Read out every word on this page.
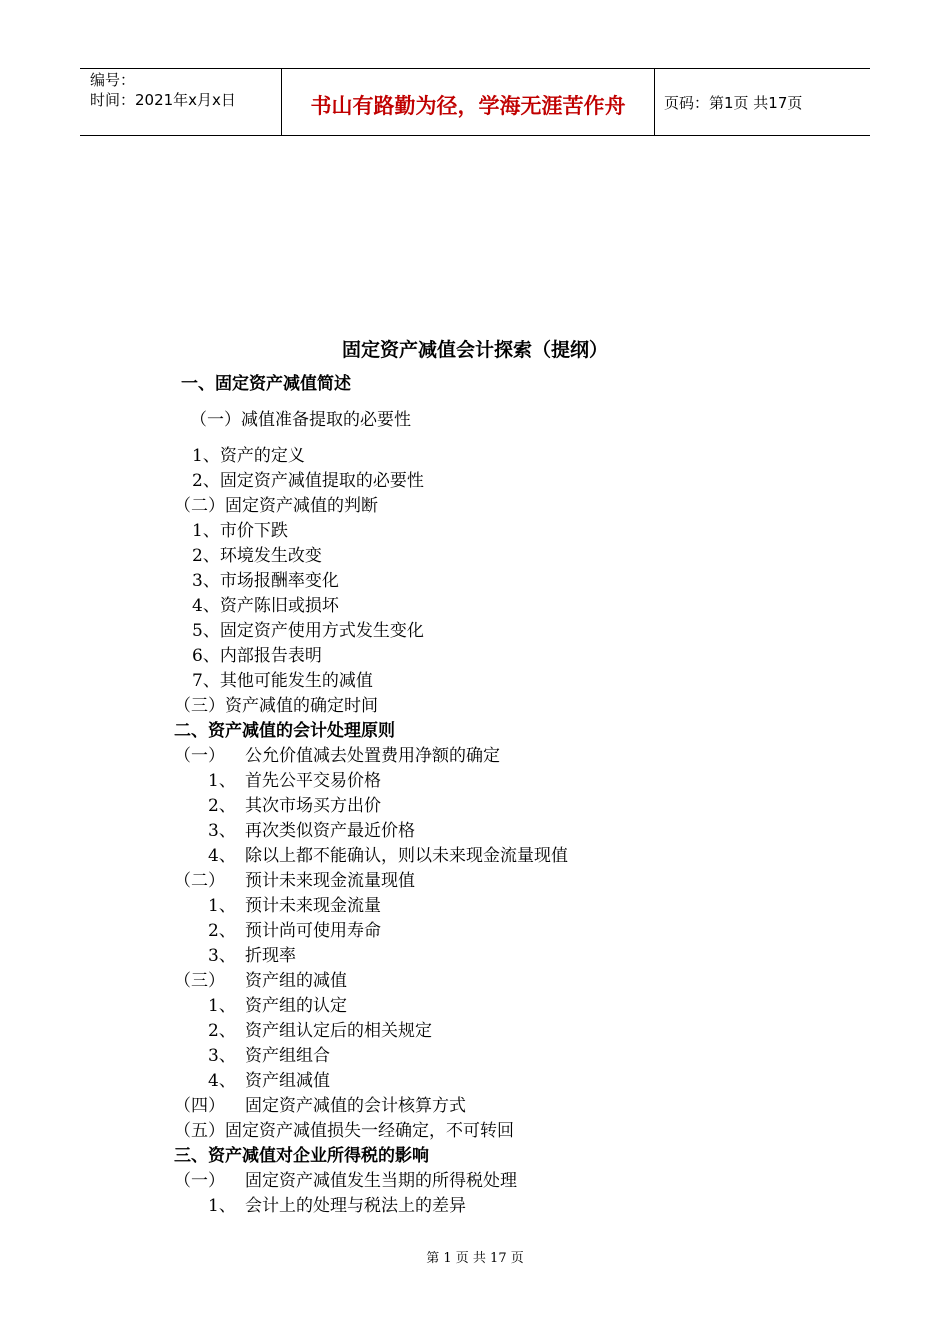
编号：
时间：2021年x月x日	书山有路勤为径，学海无涯苦作舟	页码：第1页 共17页
固定资产减值会计探索（提纲）
一、固定资产减值简述
（一）减值准备提取的必要性
1、资产的定义
2、固定资产减值提取的必要性
（二）固定资产减值的判断
1、市价下跌
2、环境发生改变
3、市场报酬率变化
4、资产陈旧或损坏
5、固定资产使用方式发生变化
6、内部报告表明
7、其他可能发生的减值
（三）资产减值的确定时间
二、资产减值的会计处理原则
（一） 公允价值减去处置费用净额的确定
1、 首先公平交易价格
2、 其次市场买方出价
3、 再次类似资产最近价格
4、 除以上都不能确认，则以未来现金流量现值
（二） 预计未来现金流量现值
1、 预计未来现金流量
2、 预计尚可使用寿命
3、 折现率
（三） 资产组的减值
1、 资产组的认定
2、 资产组认定后的相关规定
3、 资产组组合
4、 资产组减值
（四） 固定资产减值的会计核算方式
（五）固定资产减值损失一经确定，不可转回
三、资产减值对企业所得税的影响
（一） 固定资产减值发生当期的所得税处理
1、 会计上的处理与税法上的差异
第 1 页 共 17 页
